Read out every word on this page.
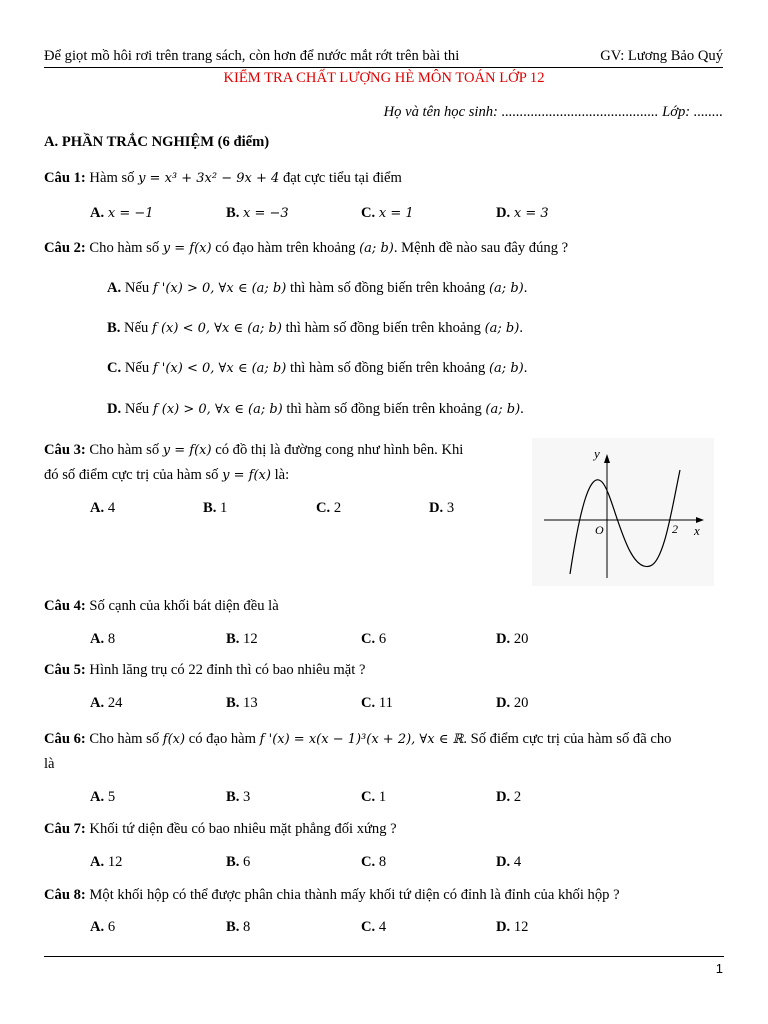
Để giọt mồ hôi rơi trên trang sách, còn hơn để nước mắt rớt trên bài thi	GV: Lương Bảo Quý
KIỂM TRA CHẤT LƯỢNG HÈ MÔN TOÁN LỚP 12
Họ và tên học sinh: ........................................... Lớp: ........
A. PHẦN TRẮC NGHIỆM (6 điểm)
Câu 1: Hàm số y = x³ + 3x² − 9x + 4 đạt cực tiểu tại điểm
A. x = −1	B. x = −3	C. x = 1	D. x = 3
Câu 2: Cho hàm số y = f(x) có đạo hàm trên khoảng (a; b). Mệnh đề nào sau đây đúng ?
A. Nếu f '(x) > 0, ∀x ∈ (a; b) thì hàm số đồng biến trên khoảng (a; b).
B. Nếu f (x) < 0, ∀x ∈ (a; b) thì hàm số đồng biến trên khoảng (a; b).
C. Nếu f '(x) < 0, ∀x ∈ (a; b) thì hàm số đồng biến trên khoảng (a; b).
D. Nếu f (x) > 0, ∀x ∈ (a; b) thì hàm số đồng biến trên khoảng (a; b).
Câu 3: Cho hàm số y = f(x) có đồ thị là đường cong như hình bên. Khi
đó số điểm cực trị của hàm số y = f(x) là:
A. 4	B. 1	C. 2	D. 3
y
x
O	2
Câu 4: Số cạnh của khối bát diện đều là
A. 8	B. 12	C. 6	D. 20
Câu 5: Hình lăng trụ có 22 đỉnh thì có bao nhiêu mặt ?
A. 24	B. 13	C. 11	D. 20
Câu 6: Cho hàm số f(x) có đạo hàm f '(x) = x(x − 1)³(x + 2), ∀x ∈ ℝ. Số điểm cực trị của hàm số đã cho
là
A. 5	B. 3	C. 1	D. 2
Câu 7: Khối tứ diện đều có bao nhiêu mặt phẳng đối xứng ?
A. 12	B. 6	C. 8	D. 4
Câu 8: Một khối hộp có thể được phân chia thành mấy khối tứ diện có đỉnh là đỉnh của khối hộp ?
A. 6	B. 8	C. 4	D. 12
1
